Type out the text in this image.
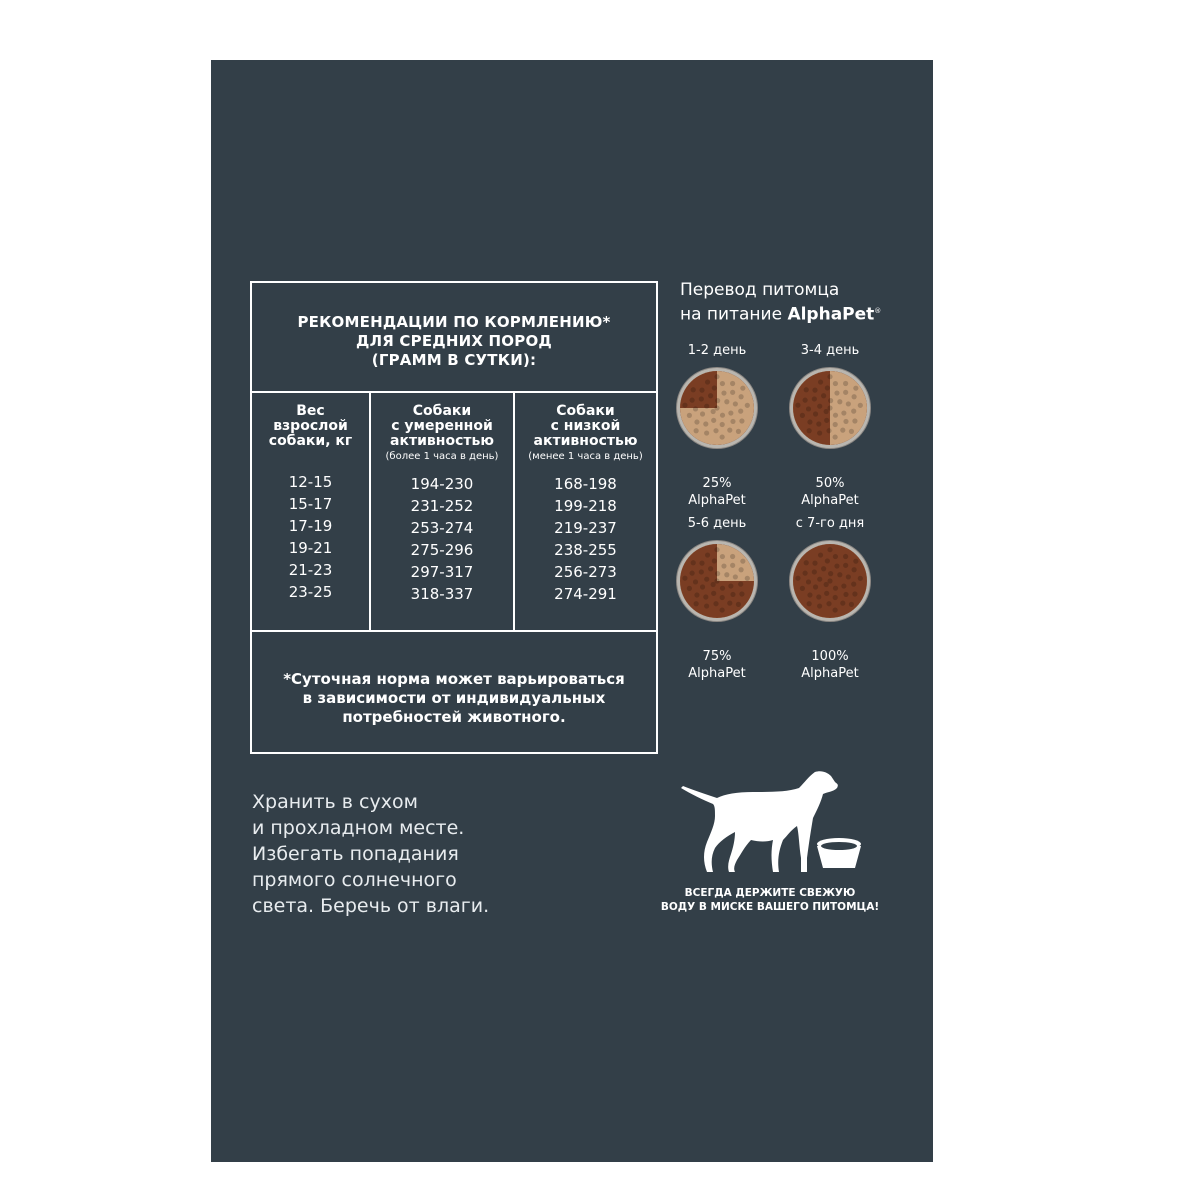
РЕКОМЕНДАЦИИ ПО КОРМЛЕНИЮ*
ДЛЯ СРЕДНИХ ПОРОД
(ГРАММ В СУТКИ):
Вес
взрослой
собаки, кг
12-15
15-17
17-19
19-21
21-23
23-25
Собаки
с умеренной
активностью
(более 1 часа в день)
194-230
231-252
253-274
275-296
297-317
318-337
Собаки
с низкой
активностью
(менее 1 часа в день)
168-198
199-218
219-237
238-255
256-273
274-291
*Суточная норма может варьироваться
в зависимости от индивидуальных
потребностей животного.
Перевод питомца
на питание AlphaPet®
1-2 день
25%
AlphaPet
3-4 день
50%
AlphaPet
5-6 день
75%
AlphaPet
с 7-го дня
100%
AlphaPet
Хранить в сухом
и прохладном месте.
Избегать попадания
прямого солнечного
света. Беречь от влаги.
ВСЕГДА ДЕРЖИТЕ СВЕЖУЮ
ВОДУ В МИСКЕ ВАШЕГО ПИТОМЦА!
